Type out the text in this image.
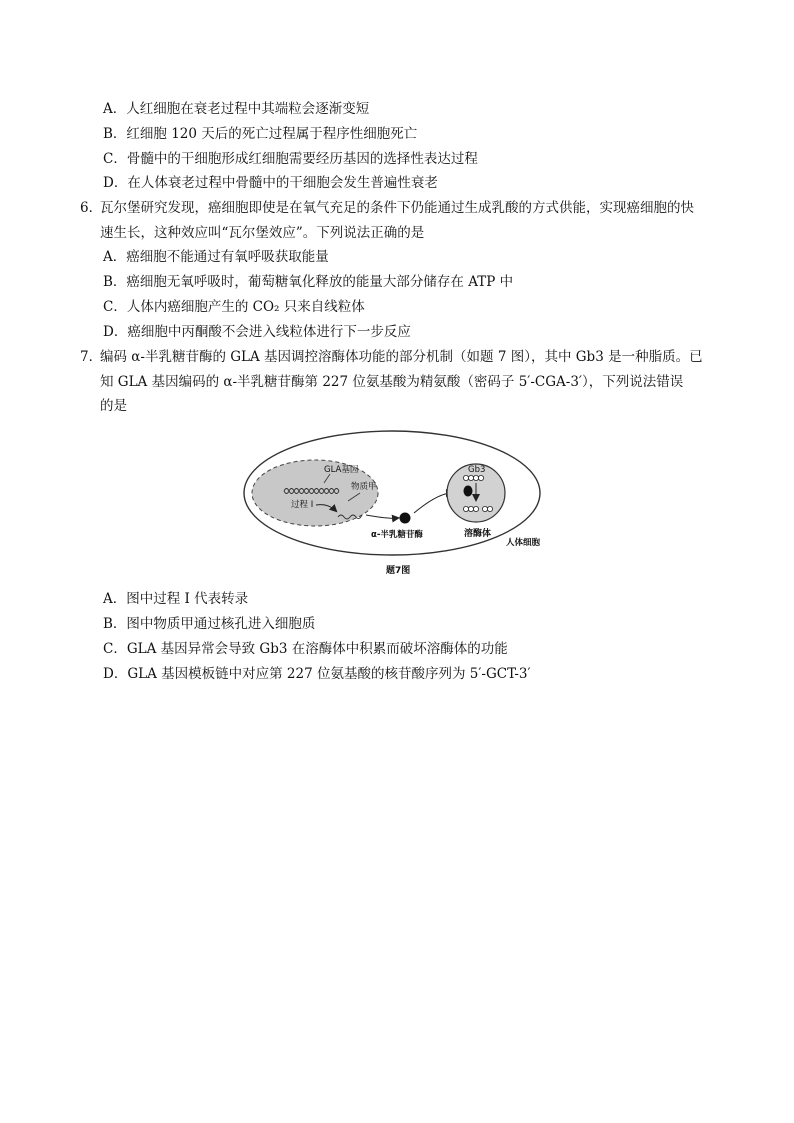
A．人红细胞在衰老过程中其端粒会逐渐变短
B．红细胞 120 天后的死亡过程属于程序性细胞死亡
C．骨髓中的干细胞形成红细胞需要经历基因的选择性表达过程
D．在人体衰老过程中骨髓中的干细胞会发生普遍性衰老
6．
瓦尔堡研究发现，癌细胞即使是在氧气充足的条件下仍能通过生成乳酸的方式供能，实现癌细胞的快
速生长，这种效应叫“瓦尔堡效应”。下列说法正确的是
A．癌细胞不能通过有氧呼吸获取能量
B．癌细胞无氧呼吸时，葡萄糖氧化释放的能量大部分储存在 ATP 中
C．人体内癌细胞产生的 CO₂ 只来自线粒体
D．癌细胞中丙酮酸不会进入线粒体进行下一步反应
7．
编码 α-半乳糖苷酶的 GLA 基因调控溶酶体功能的部分机制（如题 7 图），其中 Gb3 是一种脂质。已
知 GLA 基因编码的 α-半乳糖苷酶第 227 位氨基酸为精氨酸（密码子 5′-CGA-3′），下列说法错误
的是
GLA基因
物质甲
过程 I
α-半乳糖苷酶
Gb3
溶酶体
人体细胞
题7图
A．图中过程 I 代表转录
B．图中物质甲通过核孔进入细胞质
C．GLA 基因异常会导致 Gb3 在溶酶体中积累而破坏溶酶体的功能
D．GLA 基因模板链中对应第 227 位氨基酸的核苷酸序列为 5′-GCT-3′
